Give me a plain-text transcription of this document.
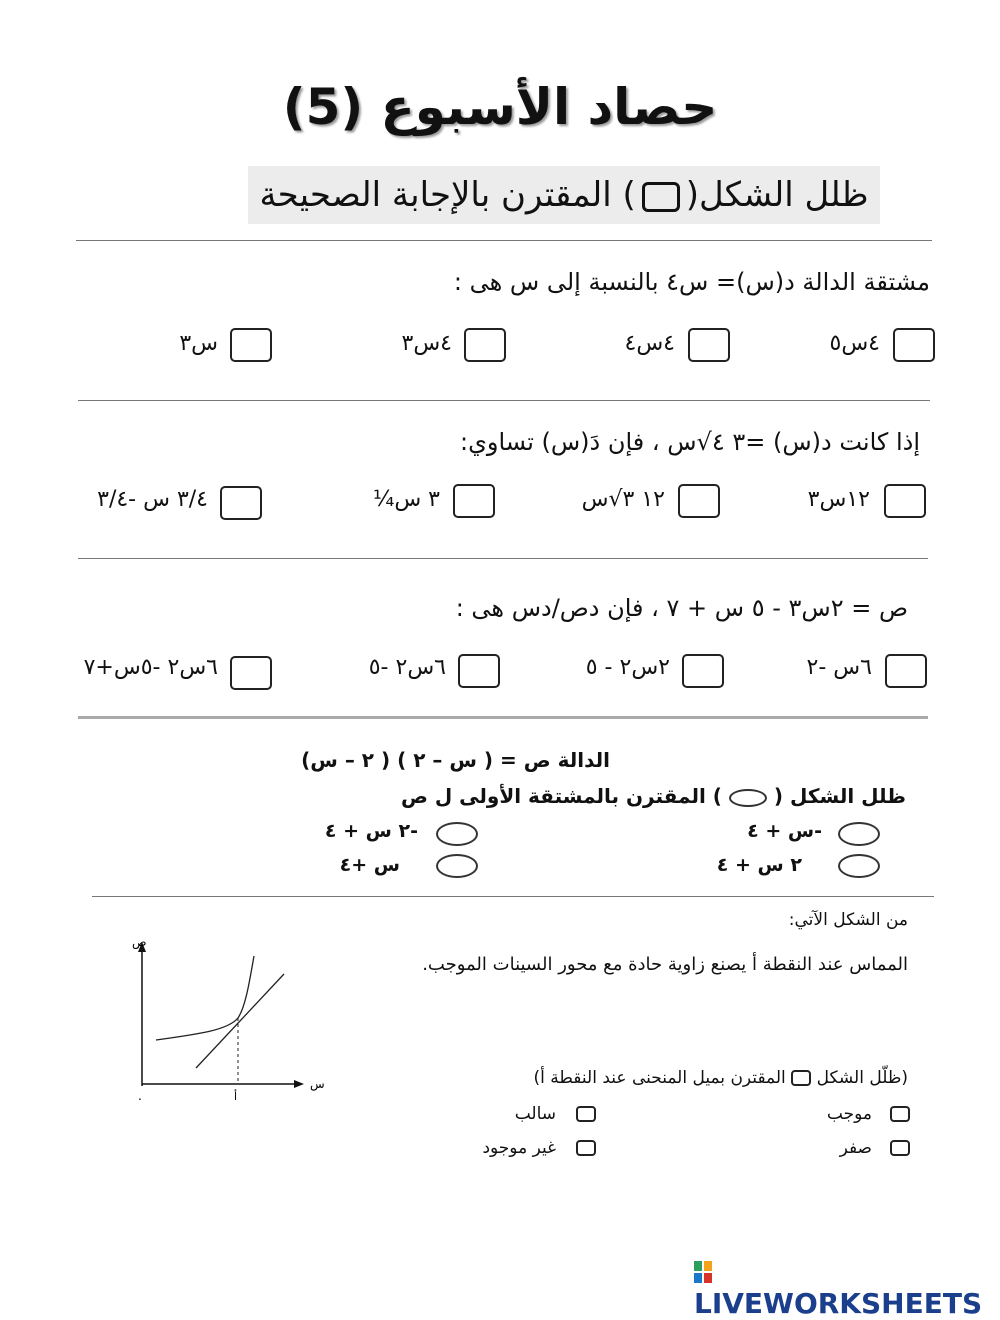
حصاد الأسبوع (5)
ظلل الشكل() المقترن بالإجابة الصحيحة
مشتقة الدالة د(س)= س٤ بالنسبة إلى س هى :
٤س٥
٤س٤
٤س٣
س٣
إذا كانت د(س) =٣ ٤√س ، فإن دَ(س) تساوي:
١٢س٣
١٢ ٣√س
٣ س¼
٣/٤ س -٣/٤
ص = ٢س٣ - ٥ س + ٧ ، فإن دص/دس هى :
٦س -٢
٢س٢ - ٥
٦س٢ -٥
٦س٢ -٥س+٧
الدالة ص = ( س – ٢ ) ( ٢ – س)
ظلل الشكل (  ) المقترن بالمشتقة الأولى ل ص
-س + ٤
-٢ س + ٤
٢ س + ٤
س +٤
من الشكل الآتي:
المماس عند النقطة أ يصنع زاوية حادة مع محور السينات الموجب.
ص
س
.	أ
(ظلّل الشكل  المقترن بميل المنحنى عند النقطة أ)
موجب
سالب
صفر
غير موجود
LIVEWORKSHEETS
